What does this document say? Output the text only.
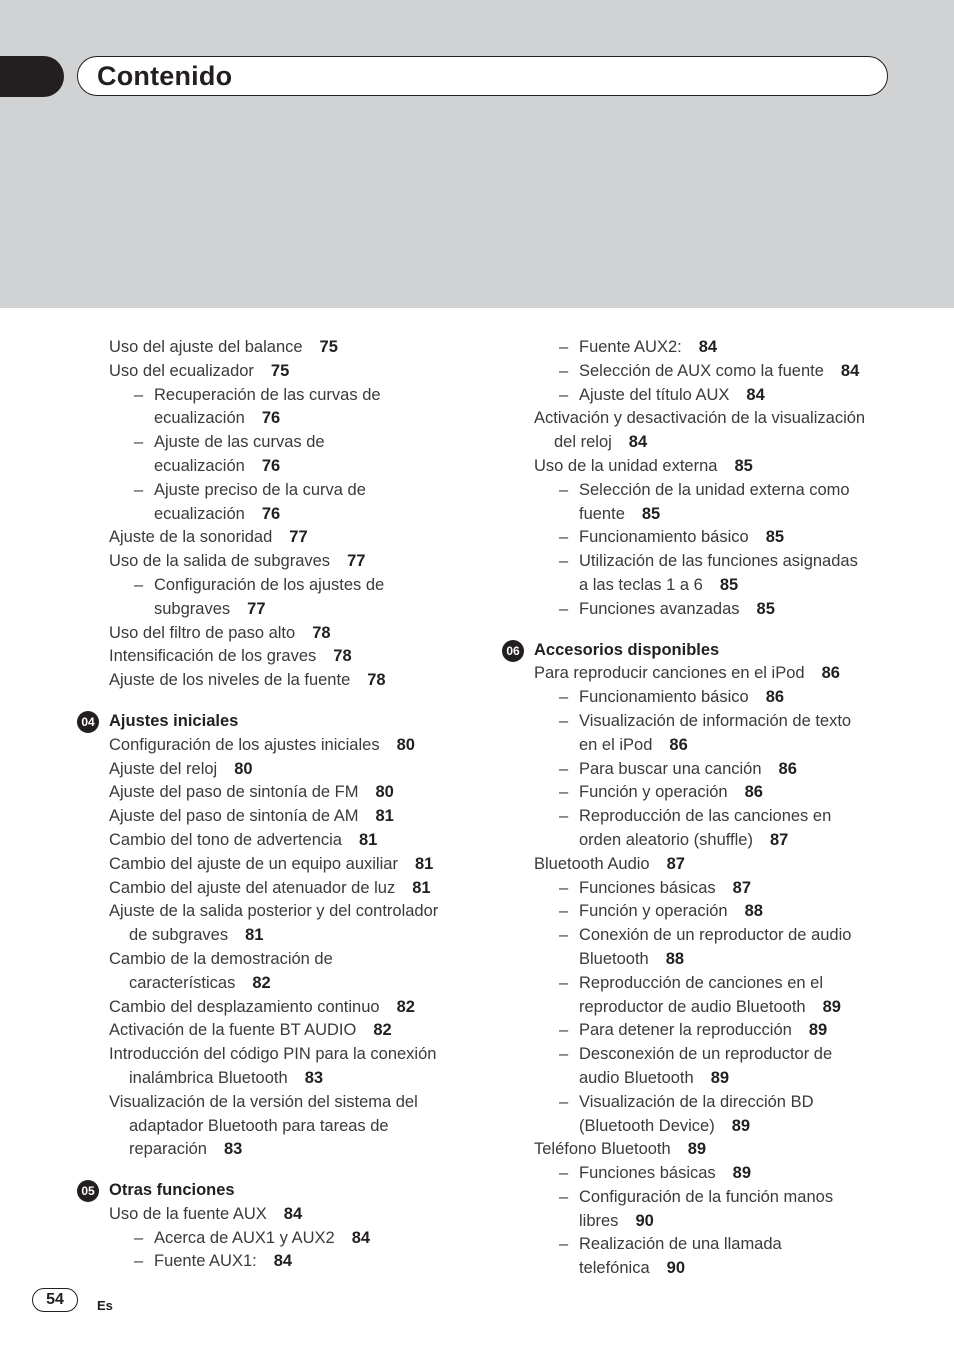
Contenido
Uso del ajuste del balance 75
Uso del ecualizador 75
– Recuperación de las curvas de
ecualización 76
– Ajuste de las curvas de
ecualización 76
– Ajuste preciso de la curva de
ecualización 76
Ajuste de la sonoridad 77
Uso de la salida de subgraves 77
– Configuración de los ajustes de
subgraves 77
Uso del filtro de paso alto 78
Intensificación de los graves 78
Ajuste de los niveles de la fuente 78
04 Ajustes iniciales
Configuración de los ajustes iniciales 80
Ajuste del reloj 80
Ajuste del paso de sintonía de FM 80
Ajuste del paso de sintonía de AM 81
Cambio del tono de advertencia 81
Cambio del ajuste de un equipo auxiliar 81
Cambio del ajuste del atenuador de luz 81
Ajuste de la salida posterior y del controlador
de subgraves 81
Cambio de la demostración de
características 82
Cambio del desplazamiento continuo 82
Activación de la fuente BT AUDIO 82
Introducción del código PIN para la conexión
inalámbrica Bluetooth 83
Visualización de la versión del sistema del
adaptador Bluetooth para tareas de
reparación 83
05 Otras funciones
Uso de la fuente AUX 84
– Acerca de AUX1 y AUX2 84
– Fuente AUX1: 84
– Fuente AUX2: 84
– Selección de AUX como la fuente 84
– Ajuste del título AUX 84
Activación y desactivación de la visualización
del reloj 84
Uso de la unidad externa 85
– Selección de la unidad externa como
fuente 85
– Funcionamiento básico 85
– Utilización de las funciones asignadas
a las teclas 1 a 6 85
– Funciones avanzadas 85
06 Accesorios disponibles
Para reproducir canciones en el iPod 86
– Funcionamiento básico 86
– Visualización de información de texto
en el iPod 86
– Para buscar una canción 86
– Función y operación 86
– Reproducción de las canciones en
orden aleatorio (shuffle) 87
Bluetooth Audio 87
– Funciones básicas 87
– Función y operación 88
– Conexión de un reproductor de audio
Bluetooth 88
– Reproducción de canciones en el
reproductor de audio Bluetooth 89
– Para detener la reproducción 89
– Desconexión de un reproductor de
audio Bluetooth 89
– Visualización de la dirección BD
(Bluetooth Device) 89
Teléfono Bluetooth 89
– Funciones básicas 89
– Configuración de la función manos
libres 90
– Realización de una llamada
telefónica 90
54	Es
